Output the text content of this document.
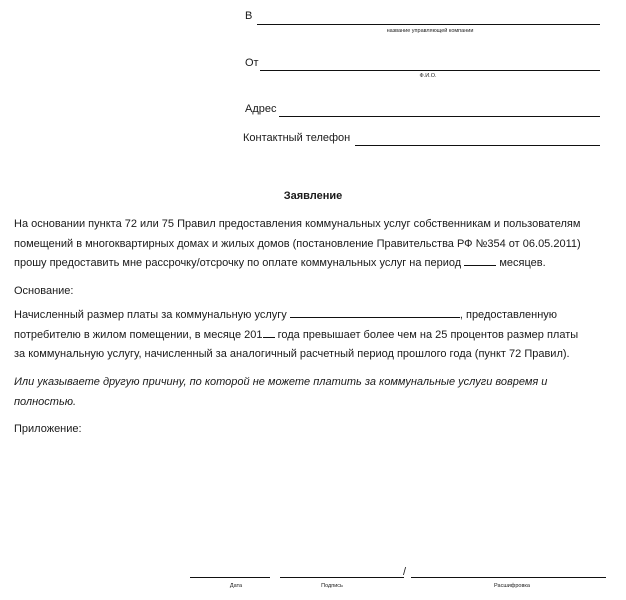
В
название управляющей компании
От
Ф.И.О.
Адрес
Контактный телефон
Заявление
На основании пункта 72 или 75 Правил предоставления коммунальных услуг собственникам и пользователям
помещений в многоквартирных домах и жилых домов (постановление Правительства РФ №354 от 06.05.2011)
прошу предоставить мне рассрочку/отсрочку по оплате коммунальных услуг на период	месяцев.
Основание:
Начисленный размер платы за коммунальную услугу	, предоставленную
потребителю в жилом помещении, в месяце 201 года превышает более чем на 25 процентов размер платы
за коммунальную услугу, начисленный за аналогичный расчетный период прошлого года (пункт 72 Правил).
Или указываете другую причину, по которой не можете платить за коммунальные услуги вовремя и
полностью.
Приложение:
/
Дата	Подпись	Расшифровка
